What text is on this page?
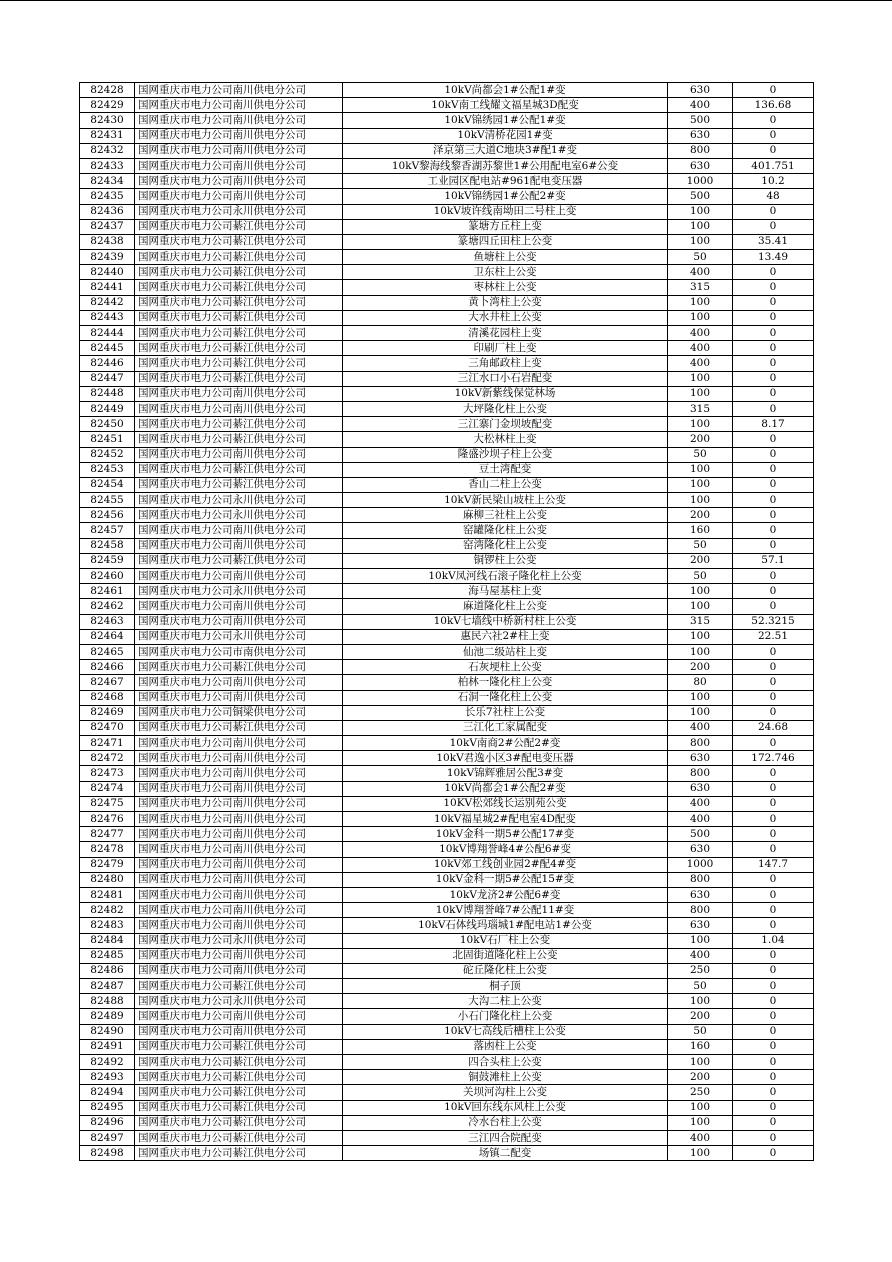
82428	国网重庆市电力公司南川供电分公司	10kV尚都会1#公配1#变	630	0
82429	国网重庆市电力公司南川供电分公司	10kV南工线耀文福星城3D配变	400	136.68
82430	国网重庆市电力公司南川供电分公司	10kV锦绣园1#公配1#变	500	0
82431	国网重庆市电力公司南川供电分公司	10kV清桥花园1#变	630	0
82432	国网重庆市电力公司南川供电分公司	泽京第三大道C地块3#配1#变	800	0
82433	国网重庆市电力公司南川供电分公司	10kV黎海线黎香湖苏黎世1#公用配电室6#公变	630	401.751
82434	国网重庆市电力公司南川供电分公司	工业园区配电站#961配电变压器	1000	10.2
82435	国网重庆市电力公司南川供电分公司	10kV锦绣园1#公配2#变	500	48
82436	国网重庆市电力公司永川供电分公司	10kV坡许线南坳田二号柱上变	100	0
82437	国网重庆市电力公司綦江供电分公司	篆塘方丘柱上变	100	0
82438	国网重庆市电力公司綦江供电分公司	篆塘四丘田柱上公变	100	35.41
82439	国网重庆市电力公司綦江供电分公司	鱼塘柱上公变	50	13.49
82440	国网重庆市电力公司綦江供电分公司	卫东柱上公变	400	0
82441	国网重庆市电力公司綦江供电分公司	枣林柱上公变	315	0
82442	国网重庆市电力公司綦江供电分公司	黄卜湾柱上公变	100	0
82443	国网重庆市电力公司綦江供电分公司	大水井柱上公变	100	0
82444	国网重庆市电力公司綦江供电分公司	清溪花园柱上变	400	0
82445	国网重庆市电力公司綦江供电分公司	印刷厂柱上变	400	0
82446	国网重庆市电力公司綦江供电分公司	三角邮政柱上变	400	0
82447	国网重庆市电力公司綦江供电分公司	三江水口小石岩配变	100	0
82448	国网重庆市电力公司南川供电分公司	10kV新紫线保觉林场	100	0
82449	国网重庆市电力公司南川供电分公司	大坪隆化柱上公变	315	0
82450	国网重庆市电力公司綦江供电分公司	三江寨门金坝坡配变	100	8.17
82451	国网重庆市电力公司綦江供电分公司	大松林柱上变	200	0
82452	国网重庆市电力公司南川供电分公司	隆盛沙坝子柱上公变	50	0
82453	国网重庆市电力公司綦江供电分公司	豆土湾配变	100	0
82454	国网重庆市电力公司綦江供电分公司	香山二柱上公变	100	0
82455	国网重庆市电力公司永川供电分公司	10kV新民梁山坡柱上公变	100	0
82456	国网重庆市电力公司永川供电分公司	麻柳三社柱上公变	200	0
82457	国网重庆市电力公司南川供电分公司	窑罐隆化柱上公变	160	0
82458	国网重庆市电力公司南川供电分公司	窑湾隆化柱上公变	50	0
82459	国网重庆市电力公司綦江供电分公司	铜锣柱上公变	200	57.1
82460	国网重庆市电力公司南川供电分公司	10kV凤河线石滚子隆化柱上公变	50	0
82461	国网重庆市电力公司永川供电分公司	海马屋基柱上变	100	0
82462	国网重庆市电力公司南川供电分公司	麻道隆化柱上公变	100	0
82463	国网重庆市电力公司南川供电分公司	10kV七墙线中桥新村柱上公变	315	52.3215
82464	国网重庆市电力公司永川供电分公司	惠民六社2#柱上变	100	22.51
82465	国网重庆市电力公司市南供电分公司	仙池二级站柱上变	100	0
82466	国网重庆市电力公司綦江供电分公司	石灰埂柱上公变	200	0
82467	国网重庆市电力公司南川供电分公司	柏林一隆化柱上公变	80	0
82468	国网重庆市电力公司南川供电分公司	石洞一隆化柱上公变	100	0
82469	国网重庆市电力公司铜梁供电分公司	长乐7社柱上公变	100	0
82470	国网重庆市电力公司綦江供电分公司	三江化工家属配变	400	24.68
82471	国网重庆市电力公司南川供电分公司	10kV南商2#公配2#变	800	0
82472	国网重庆市电力公司南川供电分公司	10kV君逸小区3#配电变压器	630	172.746
82473	国网重庆市电力公司南川供电分公司	10kV锦辉雅居公配3#变	800	0
82474	国网重庆市电力公司南川供电分公司	10kV尚都会1#公配2#变	630	0
82475	国网重庆市电力公司南川供电分公司	10KV松郊线长运别苑公变	400	0
82476	国网重庆市电力公司南川供电分公司	10kV福星城2#配电室4D配变	400	0
82477	国网重庆市电力公司南川供电分公司	10kV金科一期5#公配17#变	500	0
82478	国网重庆市电力公司南川供电分公司	10kV博翔誉峰4#公配6#变	630	0
82479	国网重庆市电力公司南川供电分公司	10kV郊工线创业园2#配4#变	1000	147.7
82480	国网重庆市电力公司南川供电分公司	10kV金科一期5#公配15#变	800	0
82481	国网重庆市电力公司南川供电分公司	10kV龙济2#公配6#变	630	0
82482	国网重庆市电力公司南川供电分公司	10kV博翔誉峰7#公配11#变	800	0
82483	国网重庆市电力公司南川供电分公司	10kV石体线玛瑙城1#配电站1#公变	630	0
82484	国网重庆市电力公司永川供电分公司	10kV石厂柱上公变	100	1.04
82485	国网重庆市电力公司南川供电分公司	北固街道隆化柱上公变	400	0
82486	国网重庆市电力公司南川供电分公司	砣丘隆化柱上公变	250	0
82487	国网重庆市电力公司綦江供电分公司	桐子顶	50	0
82488	国网重庆市电力公司永川供电分公司	大沟二柱上公变	100	0
82489	国网重庆市电力公司南川供电分公司	小石门隆化柱上公变	200	0
82490	国网重庆市电力公司南川供电分公司	10kV七高线后槽柱上公变	50	0
82491	国网重庆市电力公司綦江供电分公司	落凼柱上公变	160	0
82492	国网重庆市电力公司綦江供电分公司	四合头柱上公变	100	0
82493	国网重庆市电力公司綦江供电分公司	铜鼓滩柱上公变	200	0
82494	国网重庆市电力公司綦江供电分公司	关坝河沟柱上公变	250	0
82495	国网重庆市电力公司綦江供电分公司	10kV回东线东风柱上公变	100	0
82496	国网重庆市电力公司綦江供电分公司	冷水台柱上公变	100	0
82497	国网重庆市电力公司綦江供电分公司	三江四合院配变	400	0
82498	国网重庆市电力公司綦江供电分公司	场镇二配变	100	0
